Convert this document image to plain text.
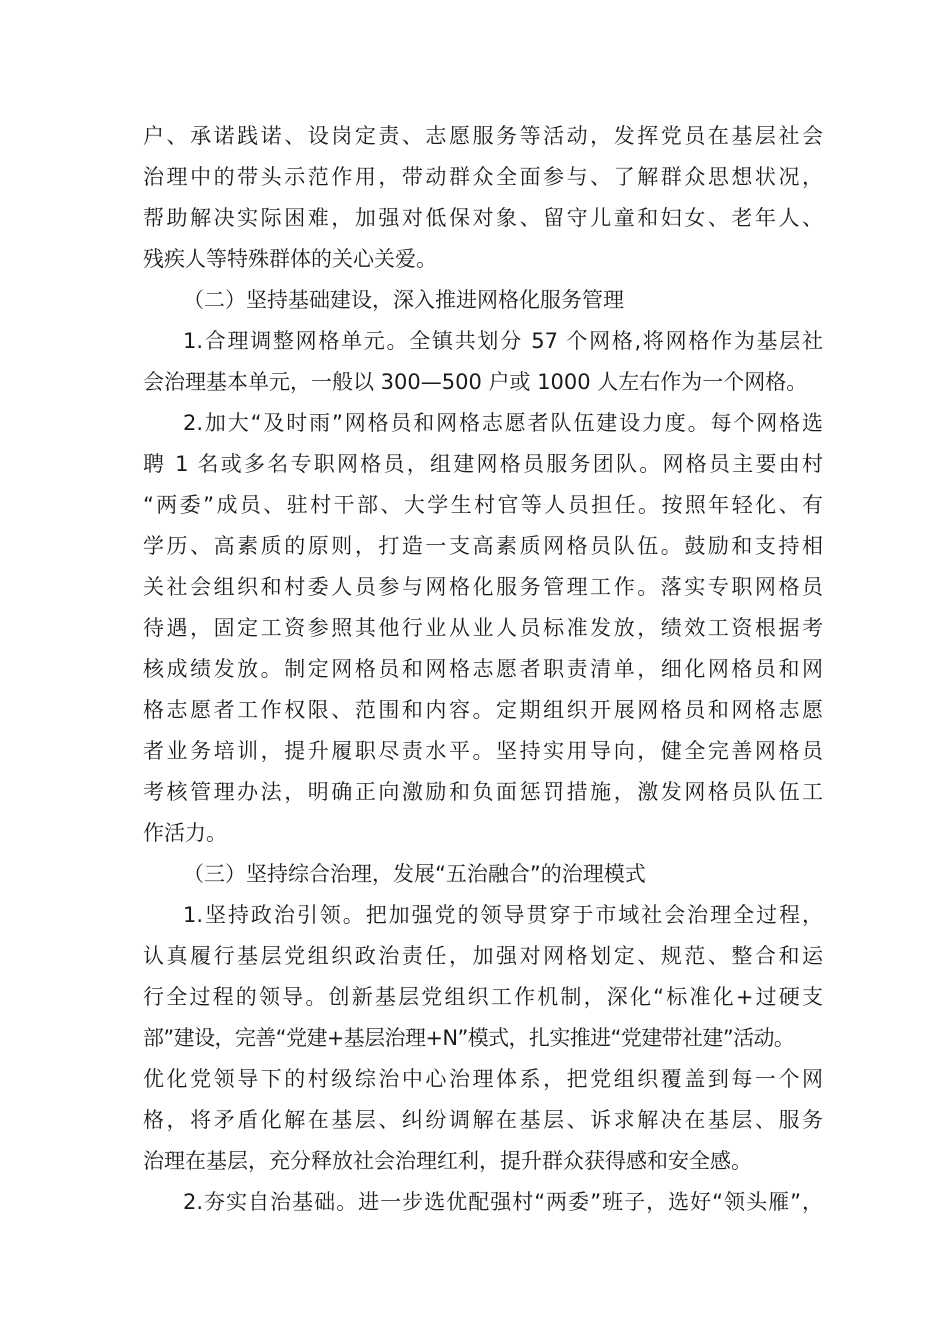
户、承诺践诺、设岗定责、志愿服务等活动，发挥党员在基层社会
治理中的带头示范作用，带动群众全面参与、了解群众思想状况，
帮助解决实际困难，加强对低保对象、留守儿童和妇女、老年人、
残疾人等特殊群体的关心关爱。
（二）坚持基础建设，深入推进网格化服务管理
1.合理调整网格单元。全镇共划分 57 个网格,将网格作为基层社
会治理基本单元，一般以 300—500 户或 1000 人左右作为一个网格。
2.加大“及时雨”网格员和网格志愿者队伍建设力度。每个网格选
聘 1 名或多名专职网格员，组建网格员服务团队。网格员主要由村
“两委”成员、驻村干部、大学生村官等人员担任。按照年轻化、有
学历、高素质的原则，打造一支高素质网格员队伍。鼓励和支持相
关社会组织和村委人员参与网格化服务管理工作。落实专职网格员
待遇，固定工资参照其他行业从业人员标准发放，绩效工资根据考
核成绩发放。制定网格员和网格志愿者职责清单，细化网格员和网
格志愿者工作权限、范围和内容。定期组织开展网格员和网格志愿
者业务培训，提升履职尽责水平。坚持实用导向，健全完善网格员
考核管理办法，明确正向激励和负面惩罚措施，激发网格员队伍工
作活力。
（三）坚持综合治理，发展“五治融合”的治理模式
1.坚持政治引领。把加强党的领导贯穿于市域社会治理全过程，
认真履行基层党组织政治责任，加强对网格划定、规范、整合和运
行全过程的领导。创新基层党组织工作机制，深化“标准化+过硬支
部”建设，完善“党建+基层治理+N”模式，扎实推进“党建带社建”活动。
优化党领导下的村级综治中心治理体系，把党组织覆盖到每一个网
格，将矛盾化解在基层、纠纷调解在基层、诉求解决在基层、服务
治理在基层，充分释放社会治理红利，提升群众获得感和安全感。
2.夯实自治基础。进一步选优配强村“两委”班子，选好“领头雁”，
